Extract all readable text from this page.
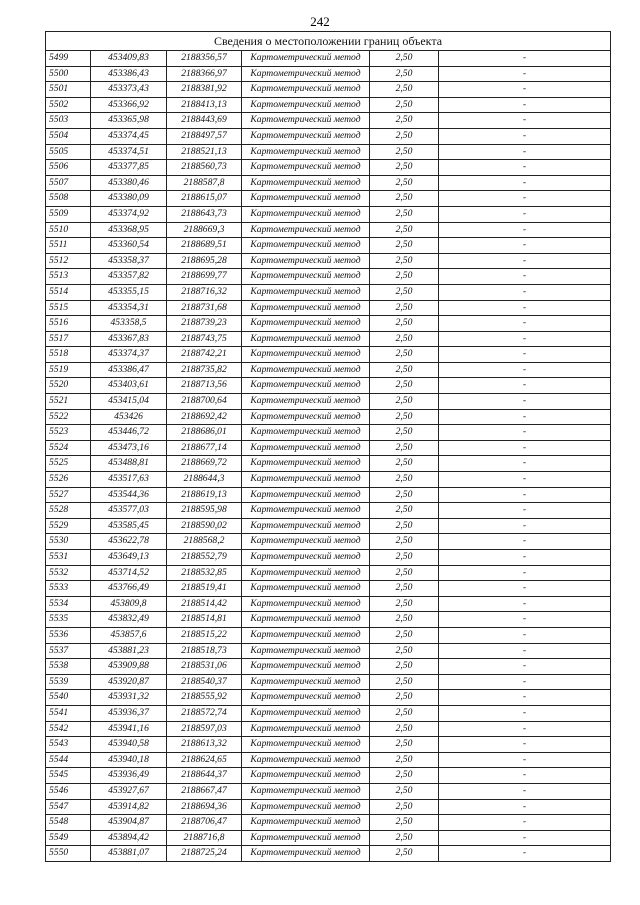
242
Сведения о местоположении границ объекта					
5499	453409,83	2188356,57	Картометрический метод	2,50	-
5500	453386,43	2188366,97	Картометрический метод	2,50	-
5501	453373,43	2188381,92	Картометрический метод	2,50	-
5502	453366,92	2188413,13	Картометрический метод	2,50	-
5503	453365,98	2188443,69	Картометрический метод	2,50	-
5504	453374,45	2188497,57	Картометрический метод	2,50	-
5505	453374,51	2188521,13	Картометрический метод	2,50	-
5506	453377,85	2188560,73	Картометрический метод	2,50	-
5507	453380,46	2188587,8	Картометрический метод	2,50	-
5508	453380,09	2188615,07	Картометрический метод	2,50	-
5509	453374,92	2188643,73	Картометрический метод	2,50	-
5510	453368,95	2188669,3	Картометрический метод	2,50	-
5511	453360,54	2188689,51	Картометрический метод	2,50	-
5512	453358,37	2188695,28	Картометрический метод	2,50	-
5513	453357,82	2188699,77	Картометрический метод	2,50	-
5514	453355,15	2188716,32	Картометрический метод	2,50	-
5515	453354,31	2188731,68	Картометрический метод	2,50	-
5516	453358,5	2188739,23	Картометрический метод	2,50	-
5517	453367,83	2188743,75	Картометрический метод	2,50	-
5518	453374,37	2188742,21	Картометрический метод	2,50	-
5519	453386,47	2188735,82	Картометрический метод	2,50	-
5520	453403,61	2188713,56	Картометрический метод	2,50	-
5521	453415,04	2188700,64	Картометрический метод	2,50	-
5522	453426	2188692,42	Картометрический метод	2,50	-
5523	453446,72	2188686,01	Картометрический метод	2,50	-
5524	453473,16	2188677,14	Картометрический метод	2,50	-
5525	453488,81	2188669,72	Картометрический метод	2,50	-
5526	453517,63	2188644,3	Картометрический метод	2,50	-
5527	453544,36	2188619,13	Картометрический метод	2,50	-
5528	453577,03	2188595,98	Картометрический метод	2,50	-
5529	453585,45	2188590,02	Картометрический метод	2,50	-
5530	453622,78	2188568,2	Картометрический метод	2,50	-
5531	453649,13	2188552,79	Картометрический метод	2,50	-
5532	453714,52	2188532,85	Картометрический метод	2,50	-
5533	453766,49	2188519,41	Картометрический метод	2,50	-
5534	453809,8	2188514,42	Картометрический метод	2,50	-
5535	453832,49	2188514,81	Картометрический метод	2,50	-
5536	453857,6	2188515,22	Картометрический метод	2,50	-
5537	453881,23	2188518,73	Картометрический метод	2,50	-
5538	453909,88	2188531,06	Картометрический метод	2,50	-
5539	453920,87	2188540,37	Картометрический метод	2,50	-
5540	453931,32	2188555,92	Картометрический метод	2,50	-
5541	453936,37	2188572,74	Картометрический метод	2,50	-
5542	453941,16	2188597,03	Картометрический метод	2,50	-
5543	453940,58	2188613,32	Картометрический метод	2,50	-
5544	453940,18	2188624,65	Картометрический метод	2,50	-
5545	453936,49	2188644,37	Картометрический метод	2,50	-
5546	453927,67	2188667,47	Картометрический метод	2,50	-
5547	453914,82	2188694,36	Картометрический метод	2,50	-
5548	453904,87	2188706,47	Картометрический метод	2,50	-
5549	453894,42	2188716,8	Картометрический метод	2,50	-
5550	453881,07	2188725,24	Картометрический метод	2,50	-
